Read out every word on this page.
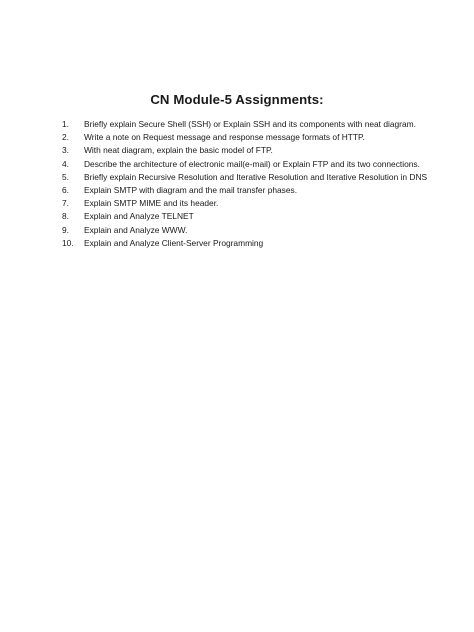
CN Module-5 Assignments:
1.	Briefly explain Secure Shell (SSH) or Explain SSH and its components with neat diagram.
2.	Write a note on Request message and response message formats of HTTP.
3.	With neat diagram, explain the basic model of FTP.
4.	Describe the architecture of electronic mail(e-mail) or Explain FTP and its two connections.
5.	Briefly explain Recursive Resolution and Iterative Resolution and Iterative Resolution in DNS
6.	Explain SMTP with diagram and the mail transfer phases.
7.	Explain SMTP MIME and its header.
8.	Explain and Analyze TELNET
9.	Explain and Analyze WWW.
10.	Explain and Analyze Client-Server Programming
